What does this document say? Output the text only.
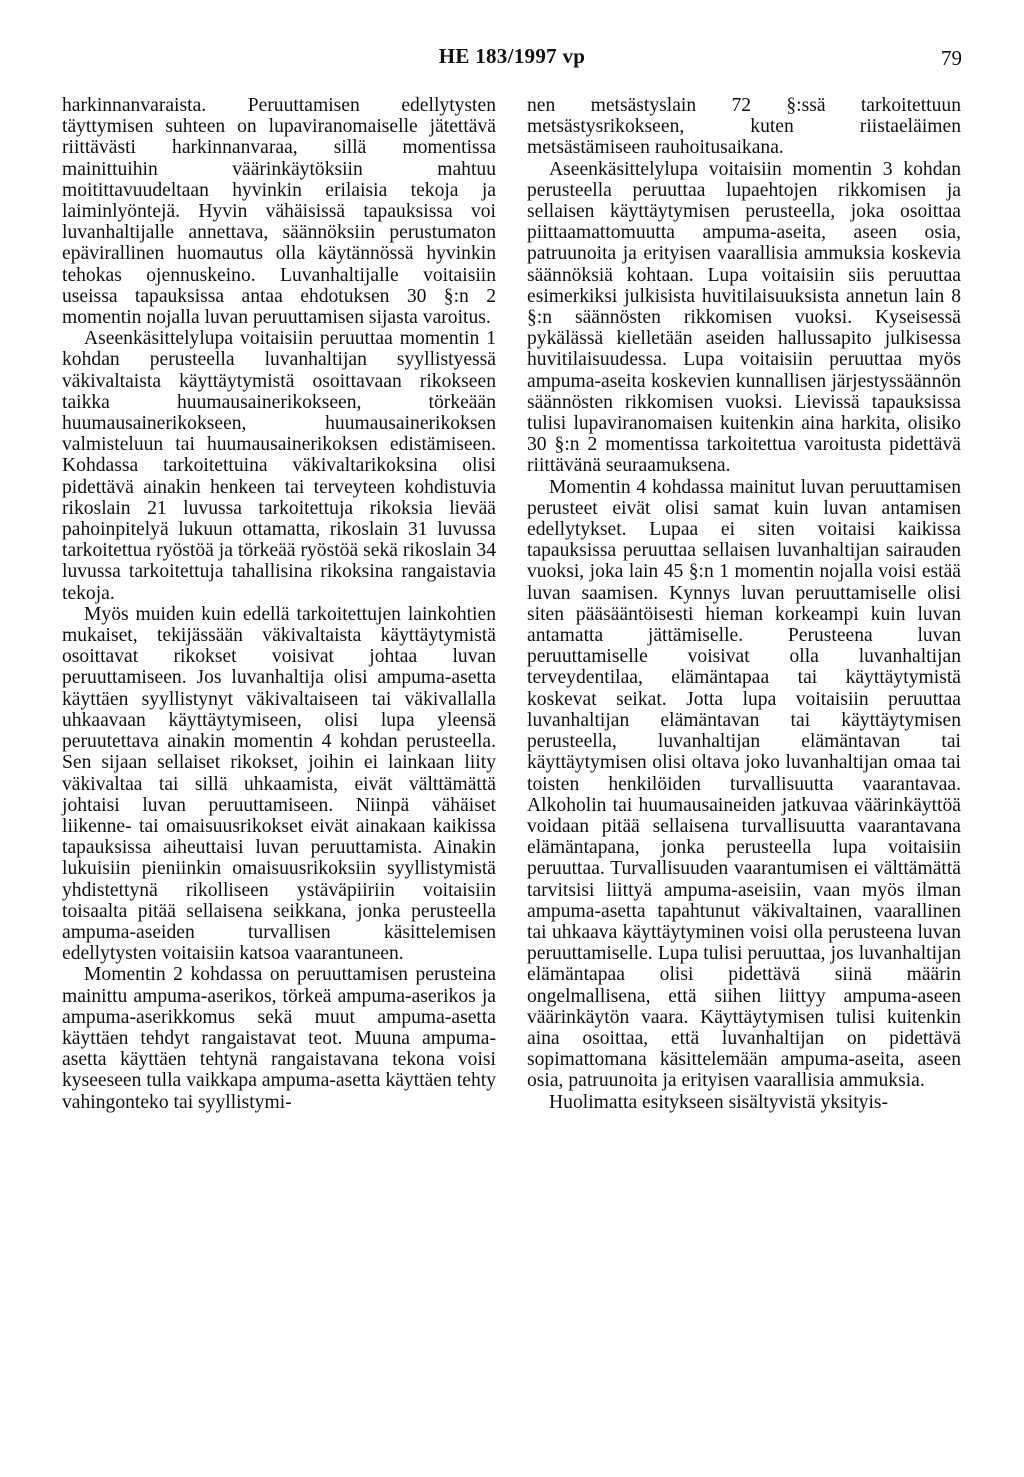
HE 183/1997 vp	79

harkinnanvaraista. Peruuttamisen edellytysten täyttymisen suhteen on lupaviranomaiselle jätettävä riittävästi harkinnanvaraa, sillä momentissa mainittuihin väärinkäytöksiin mahtuu moitittavuudeltaan hyvinkin erilaisia tekoja ja laiminlyöntejä. Hyvin vähäisissä tapauksissa voi luvanhaltijalle annettava, säännöksiin perustumaton epävirallinen huomautus olla käytännössä hyvinkin tehokas ojennuskeino. Luvanhaltijalle voitaisiin useissa tapauksissa antaa ehdotuksen 30 §:n 2 momentin nojalla luvan peruuttamisen sijasta varoitus.

Aseenkäsittelylupa voitaisiin peruuttaa momentin 1 kohdan perusteella luvanhaltijan syyllistyessä väkivaltaista käyttäytymistä osoittavaan rikokseen taikka huumausainerikokseen, törkeään huumausainerikokseen, huumausainerikoksen valmisteluun tai huumausainerikoksen edistämiseen. Kohdassa tarkoitettuina väkivaltarikoksina olisi pidettävä ainakin henkeen tai terveyteen kohdistuvia rikoslain 21 luvussa tarkoitettuja rikoksia lievää pahoinpitelyä lukuun ottamatta, rikoslain 31 luvussa tarkoitettua ryöstöä ja törkeää ryöstöä sekä rikoslain 34 luvussa tarkoitettuja tahallisina rikoksina rangaistavia tekoja.

Myös muiden kuin edellä tarkoitettujen lainkohtien mukaiset, tekijässään väkivaltaista käyttäytymistä osoittavat rikokset voisivat johtaa luvan peruuttamiseen. Jos luvanhaltija olisi ampuma-asetta käyttäen syyllistynyt väkivaltaiseen tai väkivallalla uhkaavaan käyttäytymiseen, olisi lupa yleensä peruutettava ainakin momentin 4 kohdan perusteella. Sen sijaan sellaiset rikokset, joihin ei lainkaan liity väkivaltaa tai sillä uhkaamista, eivät välttämättä johtaisi luvan peruuttamiseen. Niinpä vähäiset liikenne- tai omaisuusrikokset eivät ainakaan kaikissa tapauksissa aiheuttaisi luvan peruuttamista. Ainakin lukuisiin pieniinkin omaisuusrikoksiin syyllistymistä yhdistettynä rikolliseen ystäväpiiriin voitaisiin toisaalta pitää sellaisena seikkana, jonka perusteella ampuma-aseiden turvallisen käsittelemisen edellytysten voitaisiin katsoa vaarantuneen.

Momentin 2 kohdassa on peruuttamisen perusteina mainittu ampuma-aserikos, törkeä ampuma-aserikos ja ampuma-aserikkomus sekä muut ampuma-asetta käyttäen tehdyt rangaistavat teot. Muuna ampuma-asetta käyttäen tehtynä rangaistavana tekona voisi kyseeseen tulla vaikkapa ampuma-asetta käyttäen tehty vahingonteko tai syyllistymi-

nen metsästyslain 72 §:ssä tarkoitettuun metsästysrikokseen, kuten riistaeläimen metsästämiseen rauhoitusaikana.

Aseenkäsittelylupa voitaisiin momentin 3 kohdan perusteella peruuttaa lupaehtojen rikkomisen ja sellaisen käyttäytymisen perusteella, joka osoittaa piittaamattomuutta ampuma-aseita, aseen osia, patruunoita ja erityisen vaarallisia ammuksia koskevia säännöksiä kohtaan. Lupa voitaisiin siis peruuttaa esimerkiksi julkisista huvitilaisuuksista annetun lain 8 §:n säännösten rikkomisen vuoksi. Kyseisessä pykälässä kielletään aseiden hallussapito julkisessa huvitilaisuudessa. Lupa voitaisiin peruuttaa myös ampuma-aseita koskevien kunnallisen järjestyssäännön säännösten rikkomisen vuoksi. Lievissä tapauksissa tulisi lupaviranomaisen kuitenkin aina harkita, olisiko 30 §:n 2 momentissa tarkoitettua varoitusta pidettävä riittävänä seuraamuksena.

Momentin 4 kohdassa mainitut luvan peruuttamisen perusteet eivät olisi samat kuin luvan antamisen edellytykset. Lupaa ei siten voitaisi kaikissa tapauksissa peruuttaa sellaisen luvanhaltijan sairauden vuoksi, joka lain 45 §:n 1 momentin nojalla voisi estää luvan saamisen. Kynnys luvan peruuttamiselle olisi siten pääsääntöisesti hieman korkeampi kuin luvan antamatta jättämiselle. Perusteena luvan peruuttamiselle voisivat olla luvanhaltijan terveydentilaa, elämäntapaa tai käyttäytymistä koskevat seikat. Jotta lupa voitaisiin peruuttaa luvanhaltijan elämäntavan tai käyttäytymisen perusteella, luvanhaltijan elämäntavan tai käyttäytymisen olisi oltava joko luvanhaltijan omaa tai toisten henkilöiden turvallisuutta vaarantavaa. Alkoholin tai huumausaineiden jatkuvaa väärinkäyttöä voidaan pitää sellaisena turvallisuutta vaarantavana elämäntapana, jonka perusteella lupa voitaisiin peruuttaa. Turvallisuuden vaarantumisen ei välttämättä tarvitsisi liittyä ampuma-aseisiin, vaan myös ilman ampuma-asetta tapahtunut väkivaltainen, vaarallinen tai uhkaava käyttäytyminen voisi olla perusteena luvan peruuttamiselle. Lupa tulisi peruuttaa, jos luvanhaltijan elämäntapaa olisi pidettävä siinä määrin ongelmallisena, että siihen liittyy ampuma-aseen väärinkäytön vaara. Käyttäytymisen tulisi kuitenkin aina osoittaa, että luvanhaltijan on pidettävä sopimattomana käsittelemään ampuma-aseita, aseen osia, patruunoita ja erityisen vaarallisia ammuksia.

Huolimatta esitykseen sisältyvistä yksityis-
